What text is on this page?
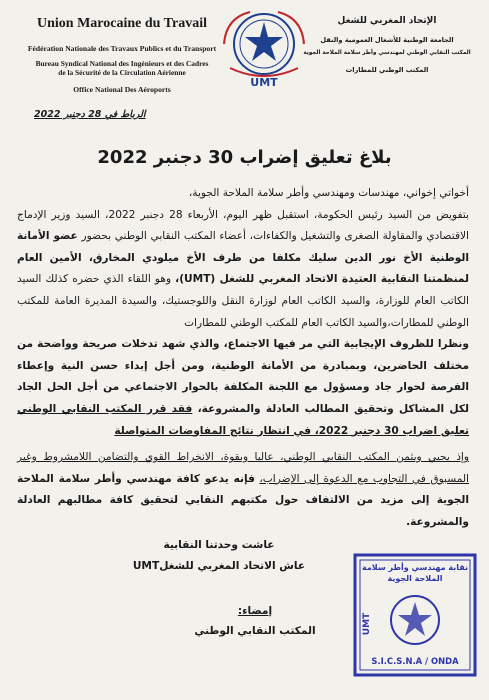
Union Marocaine du Travail
Fédération Nationale des Travaux Publics et du Transport
Bureau Syndical National des Ingénieurs et des Cadres
de la Sécurité de la Circulation Aérienne
Office National Des Aéroports
UMT
الإتحاد المغربي للشغل
الجامعة الوطنية للأشغال العمومية والنقل
المكتب النقابي الوطني لمهندسي وأطر سلامة الملاحة الجوية
المكتب الوطني للمطارات
الرباط في 28 دجنبر 2022
بلاغ تعليق إضراب 30 دجنبر 2022

أخواتي إخواني، مهندسات ومهندسي وأطر سلامة الملاحة الجوية،

بتفويض من السيد رئيس الحكومة، استقبل ظهر اليوم، الأربعاء 28 دجنبر 2022، السيد وزير الإدماج الاقتصادي والمقاولة الصغرى والتشغيل والكفاءات، أعضاء المكتب النقابي الوطني بحضور عضو الأمانة الوطنية الأخ نور الدين سليك مكلفا من طرف الأخ ميلودي المخارق، الأمين العام لمنظمتنا النقابية العتيدة الاتحاد المغربي للشغل (UMT)، وهو اللقاء الذي حضره كذلك السيد الكاتب العام للوزارة، والسيد الكاتب العام لوزارة النقل واللوجستيك، والسيدة المديرة العامة للمكتب الوطني للمطارات،والسيد الكاتب العام للمكتب الوطني للمطارات

ونظرا للظروف الإيجابية التي مر فيها الاجتماع، والذي شهد تدخلات صريحة وواضحة من مختلف الحاضرين، وبمبادرة من الأمانة الوطنية، ومن أجل إبداء حسن النية وإعطاء الفرصة لحوار جاد ومسؤول مع اللجنة المكلفة بالحوار الاجتماعي من أجل الحل الجاد لكل المشاكل وتحقيق المطالب العادلة والمشروعة، فقد قرر المكتب النقابي الوطني تعليق اضراب 30 دجنبر 2022، في انتظار نتائج المفاوضات المتواصلة

وإذ يحيي ويثمن المكتب النقابي الوطني، عاليا وبقوة، الانخراط القوي والتضامن اللامشروط وغير المسبوق في التجاوب مع الدعوة إلى الإضراب، فإنه يدعو كافة مهندسي وأطر سلامة الملاحة الجوية إلى مزيد من الالتفاف حول مكتبهم النقابي لتحقيق كافة مطالبهم العادلة والمشروعة.

عاشت وحدتنا النقابية
عاش الاتحاد المغربي للشغلUMT
إمضاء:
المكتب النقابي الوطني	UMT
نقابة مهندسي وأطر سلامة الملاحة الجوية
S.I.C.S.N.A / ONDA
